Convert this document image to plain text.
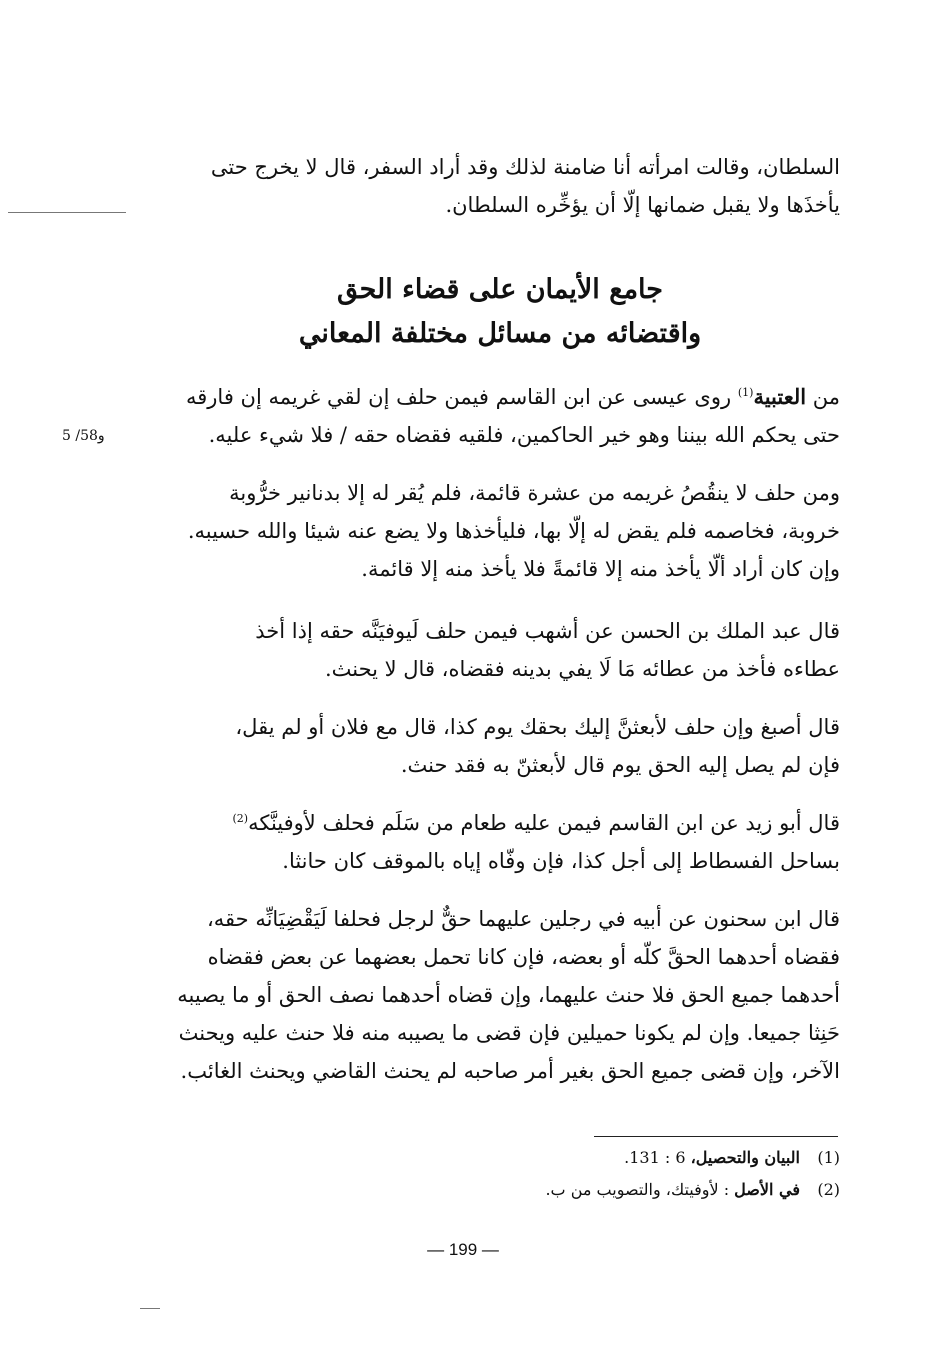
السلطان، وقالت امرأته أنا ضامنة لذلك وقد أراد السفر، قال لا يخرج حتى

يأخذَها ولا يقبل ضمانها إلّا أن يؤخِّره السلطان.

جامع الأيمان على قضاء الحق
واقتضائه من مسائل مختلفة المعاني
5 /58و

من العتبية$^{(1)}$ روى عيسى عن ابن القاسم فيمن حلف إن لقي غريمه إن فارقه

حتى يحكم الله بيننا وهو خير الحاكمين، فلقيه فقضاه حقه / فلا شيء عليه.

ومن حلف لا ينقُصُ غريمه من عشرة قائمة، فلم يُقر له إلا بدنانير خرُّوبة

خروبة، فخاصمه فلم يقض له إلّا بها، فليأخذها ولا يضع عنه شيئا والله حسيبه.

وإن كان أراد ألّا يأخذ منه إلا قائمةً فلا يأخذ منه إلا قائمة.

قال عبد الملك بن الحسن عن أشهب فيمن حلف لَيوفيَنَّه حقه إذا أخذ

عطاءه فأخذ من عطائه مَا لَا يفي بدينه فقضاه، قال لا يحنث.

قال أصبغ وإن حلف لأبعثنَّ إليك بحقك يوم كذا، قال مع فلان أو لم يقل،

فإن لم يصل إليه الحق يوم قال لأبعثنّ به فقد حنث.

قال أبو زيد عن ابن القاسم فيمن عليه طعام من سَلَم فحلف لأوفينَّكه$^{(2)}$

بساحل الفسطاط إلى أجل كذا، فإن وفّاه إياه بالموقف كان حانثا.

قال ابن سحنون عن أبيه في رجلين عليهما حقٌّ لرجل فحلفا لَيَقْضِيَانِّه حقه،

فقضاه أحدهما الحقَّ كلّه أو بعضه، فإن كانا تحمل بعضهما عن بعض فقضاه

أحدهما جميع الحق فلا حنث عليهما، وإن قضاه أحدهما نصف الحق أو ما يصيبه

حَنِثا جميعا. وإن لم يكونا حميلين فإن قضى ما يصيبه منه فلا حنث عليه ويحنث

الآخر، وإن قضى جميع الحق بغير أمر صاحبه لم يحنث القاضي ويحنث الغائب.

(1)
البيان والتحصيل، 6 : 131.
(2)
في الأصل : لأوفيتك، والتصويب من ب.
— 199 —
